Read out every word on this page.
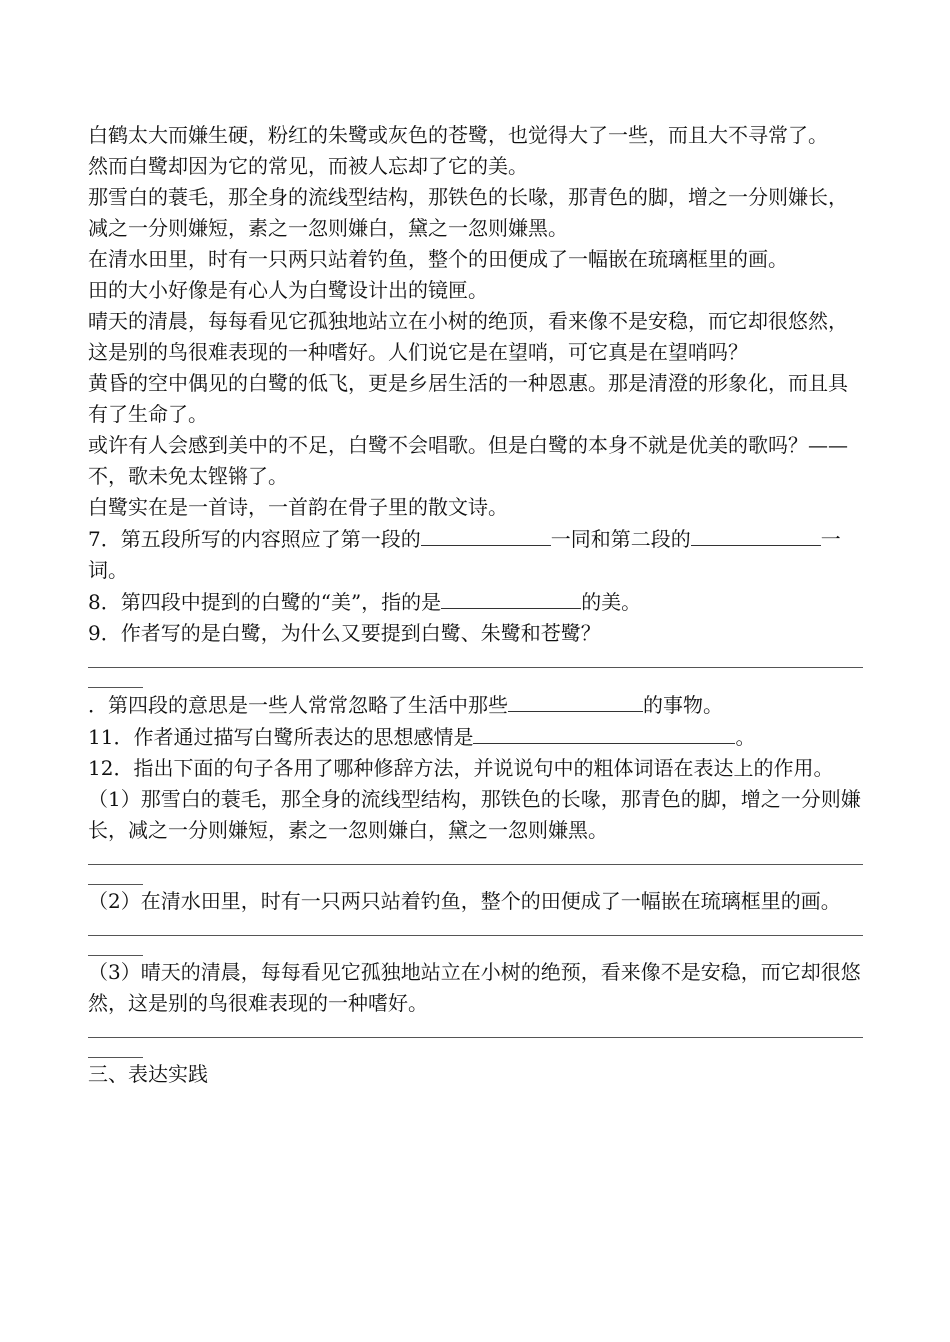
白鹤太大而嫌生硬，粉红的朱鹭或灰色的苍鹭，也觉得大了一些，而且大不寻常了。

然而白鹭却因为它的常见，而被人忘却了它的美。

那雪白的蓑毛，那全身的流线型结构，那铁色的长喙，那青色的脚，增之一分则嫌长，减之一分则嫌短，素之一忽则嫌白，黛之一忽则嫌黑。

在清水田里，时有一只两只站着钓鱼，整个的田便成了一幅嵌在琉璃框里的画。

田的大小好像是有心人为白鹭设计出的镜匣。

晴天的清晨，每每看见它孤独地站立在小树的绝顶，看来像不是安稳，而它却很悠然，这是别的鸟很难表现的一种嗜好。人们说它是在望哨，可它真是在望哨吗？

黄昏的空中偶见的白鹭的低飞，更是乡居生活的一种恩惠。那是清澄的形象化，而且具有了生命了。

或许有人会感到美中的不足，白鹭不会唱歌。但是白鹭的本身不就是优美的歌吗？——不，歌未免太铿锵了。

白鹭实在是一首诗，一首韵在骨子里的散文诗。

7．第五段所写的内容照应了第一段的	一同和第二段的	一词。

8．第四段中提到的白鹭的“美”，指的是	的美。

9．作者写的是白鹭，为什么又要提到白鹭、朱鹭和苍鹭？

．第四段的意思是一些人常常忽略了生活中那些	的事物。

11．作者通过描写白鹭所表达的思想感情是	。

12．指出下面的句子各用了哪种修辞方法，并说说句中的粗体词语在表达上的作用。

（1）那雪白的蓑毛，那全身的流线型结构，那铁色的长喙，那青色的脚，增之一分则嫌长，减之一分则嫌短，素之一忽则嫌白，黛之一忽则嫌黑。

（2）在清水田里，时有一只两只站着钓鱼，整个的田便成了一幅嵌在琉璃框里的画。

（3）晴天的清晨，每每看见它孤独地站立在小树的绝预，看来像不是安稳，而它却很悠然，这是别的鸟很难表现的一种嗜好。

三、表达实践
